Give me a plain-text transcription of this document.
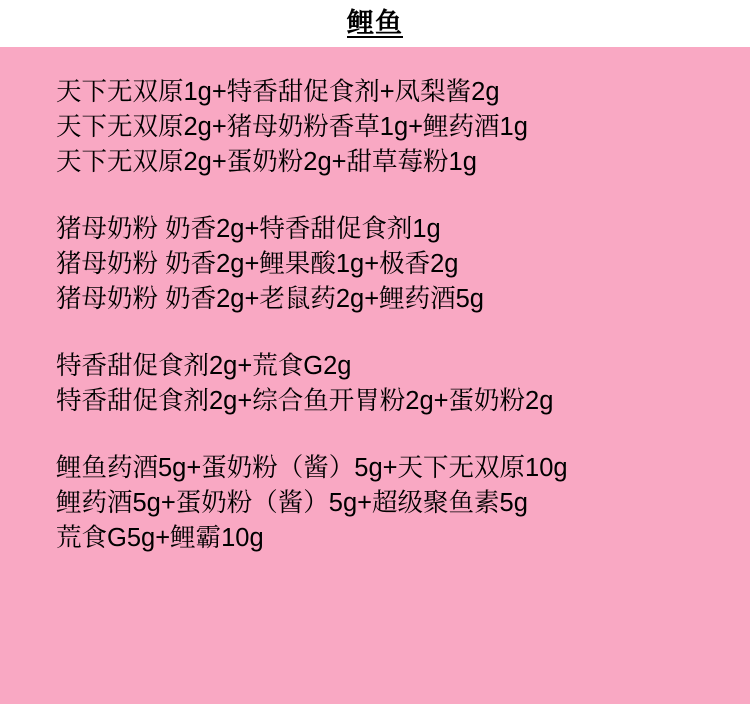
鲤鱼
天下无双原1g+特香甜促食剂+凤梨酱2g
天下无双原2g+猪母奶粉香草1g+鲤药酒1g
天下无双原2g+蛋奶粉2g+甜草莓粉1g
猪母奶粉 奶香2g+特香甜促食剂1g
猪母奶粉 奶香2g+鲤果酸1g+极香2g
猪母奶粉 奶香2g+老鼠药2g+鲤药酒5g
特香甜促食剂2g+荒食G2g
特香甜促食剂2g+综合鱼开胃粉2g+蛋奶粉2g
鲤鱼药酒5g+蛋奶粉（酱）5g+天下无双原10g
鲤药酒5g+蛋奶粉（酱）5g+超级聚鱼素5g
荒食G5g+鲤霸10g
